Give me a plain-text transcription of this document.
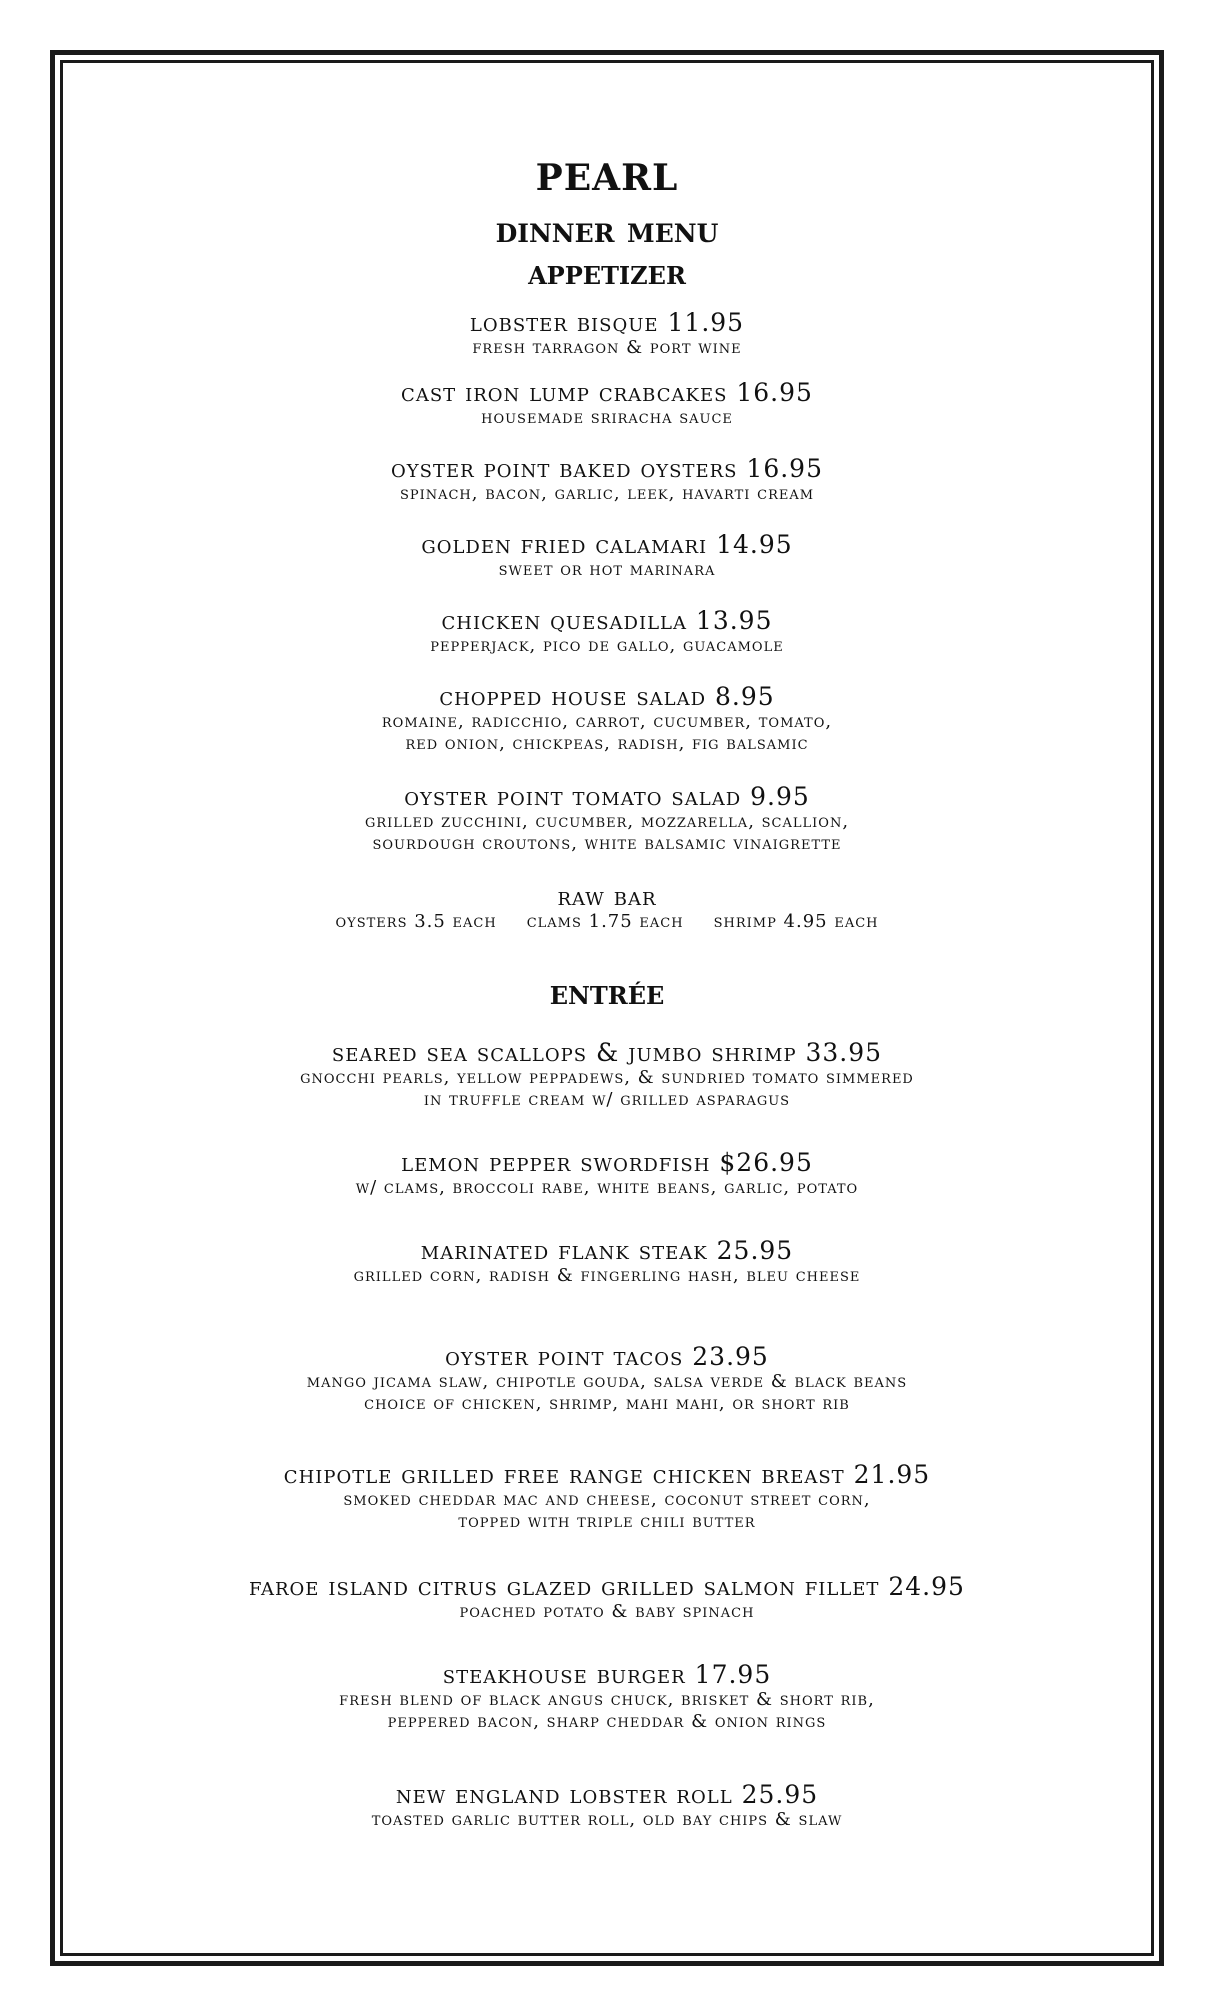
pearl
dinner menu
appetizer
lobster bisque 11.95
fresh tarragon & port wine
cast iron lump crabcakes 16.95
housemade sriracha sauce
oyster point baked oysters 16.95
spinach, bacon, garlic, leek, havarti cream
golden fried calamari 14.95
sweet or hot marinara
chicken quesadilla 13.95
pepperjack, pico de gallo, guacamole
chopped house salad 8.95
romaine, radicchio, carrot, cucumber, tomato,
red onion, chickpeas, radish, fig balsamic
oyster point tomato salad 9.95
grilled zucchini, cucumber, mozzarella, scallion,
sourdough croutons, white balsamic vinaigrette
raw bar
oysters 3.5 each clams 1.75 each shrimp 4.95 each
entrée
seared sea scallops & jumbo shrimp 33.95
gnocchi pearls, yellow peppadews, & sundried tomato simmered
in truffle cream w/ grilled asparagus
lemon pepper swordfish $26.95
w/ clams, broccoli rabe, white beans, garlic, potato
marinated flank steak 25.95
grilled corn, radish & fingerling hash, bleu cheese
oyster point tacos 23.95
mango jicama slaw, chipotle gouda, salsa verde & black beans
choice of chicken, shrimp, mahi mahi, or short rib
chipotle grilled free range chicken breast 21.95
smoked cheddar mac and cheese, coconut street corn,
topped with triple chili butter
faroe island citrus glazed grilled salmon fillet 24.95
poached potato & baby spinach
steakhouse burger 17.95
fresh blend of black angus chuck, brisket & short rib,
peppered bacon, sharp cheddar & onion rings
new england lobster roll 25.95
toasted garlic butter roll, old bay chips & slaw
